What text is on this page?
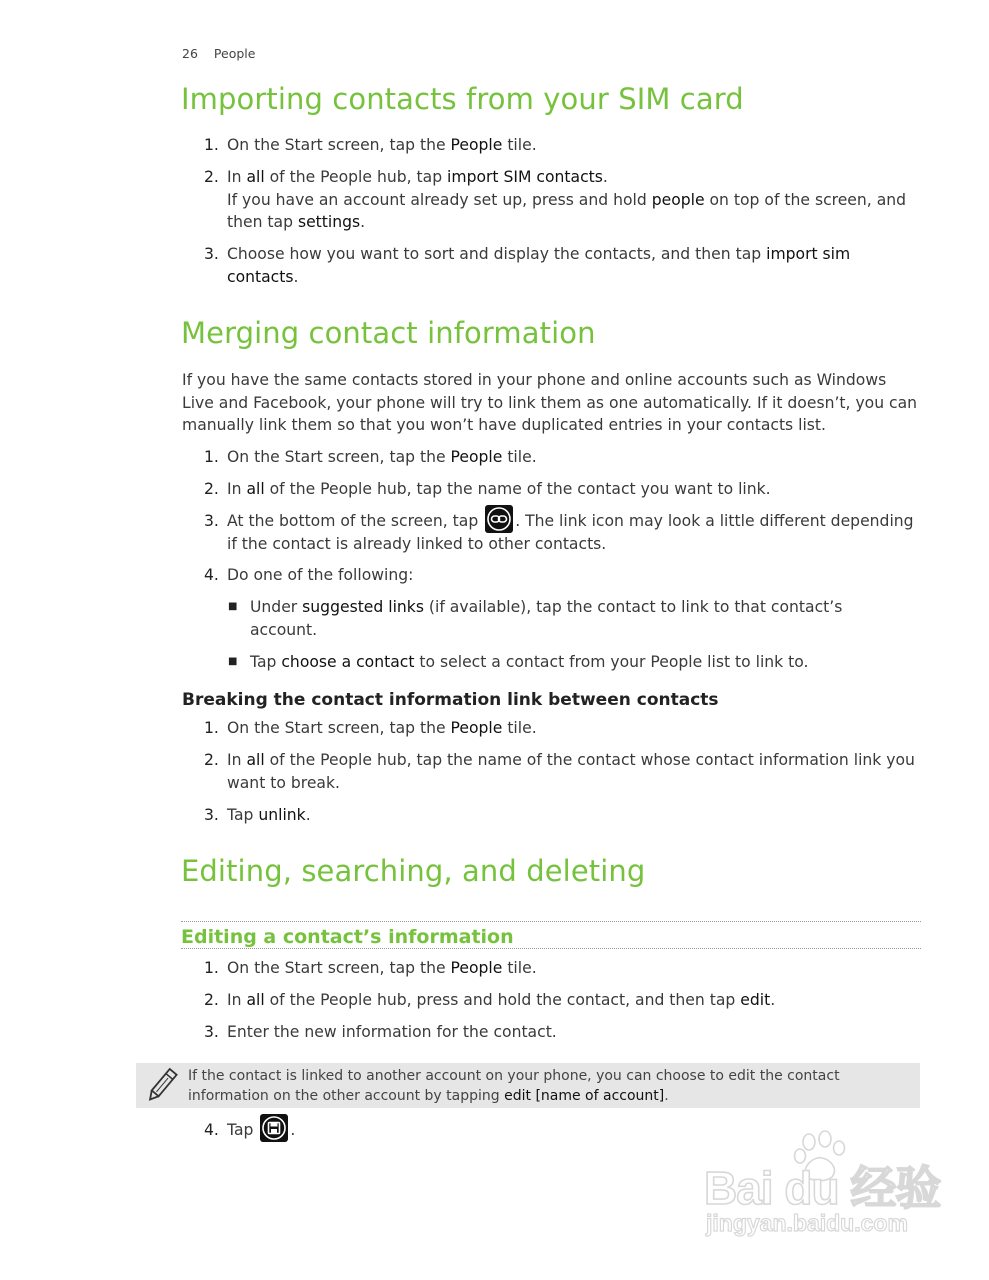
26 People
Importing contacts from your SIM card
1. On the Start screen, tap the People tile.
2. In all of the People hub, tap import SIM contacts.
If you have an account already set up, press and hold people on top of the screen, and then tap settings.
3. Choose how you want to sort and display the contacts, and then tap import sim contacts.
Merging contact information

If you have the same contacts stored in your phone and online accounts such as Windows Live and Facebook, your phone will try to link them as one automatically. If it doesn’t, you can manually link them so that you won’t have duplicated entries in your contacts list.

1. On the Start screen, tap the People tile.
2. In all of the People hub, tap the name of the contact you want to link.
3. At the bottom of the screen, tap
. The link icon may look a little different depending if the contact is already linked to other contacts.
4. Do one of the following:
■ Under suggested links (if available), tap the contact to link to that contact’s account.
■ Tap choose a contact to select a contact from your People list to link to.
Breaking the contact information link between contacts
1. On the Start screen, tap the People tile.
2. In all of the People hub, tap the name of the contact whose contact information link you want to break.
3. Tap unlink.
Editing, searching, and deleting
Editing a contact’s information
1. On the Start screen, tap the People tile.
2. In all of the People hub, press and hold the contact, and then tap edit.
3. Enter the new information for the contact.
If the contact is linked to another account on your phone, you can choose to edit the contact information on the other account by tapping edit [name of account].
4. Tap
.
Bai du 经验
jingyan.baidu.com
